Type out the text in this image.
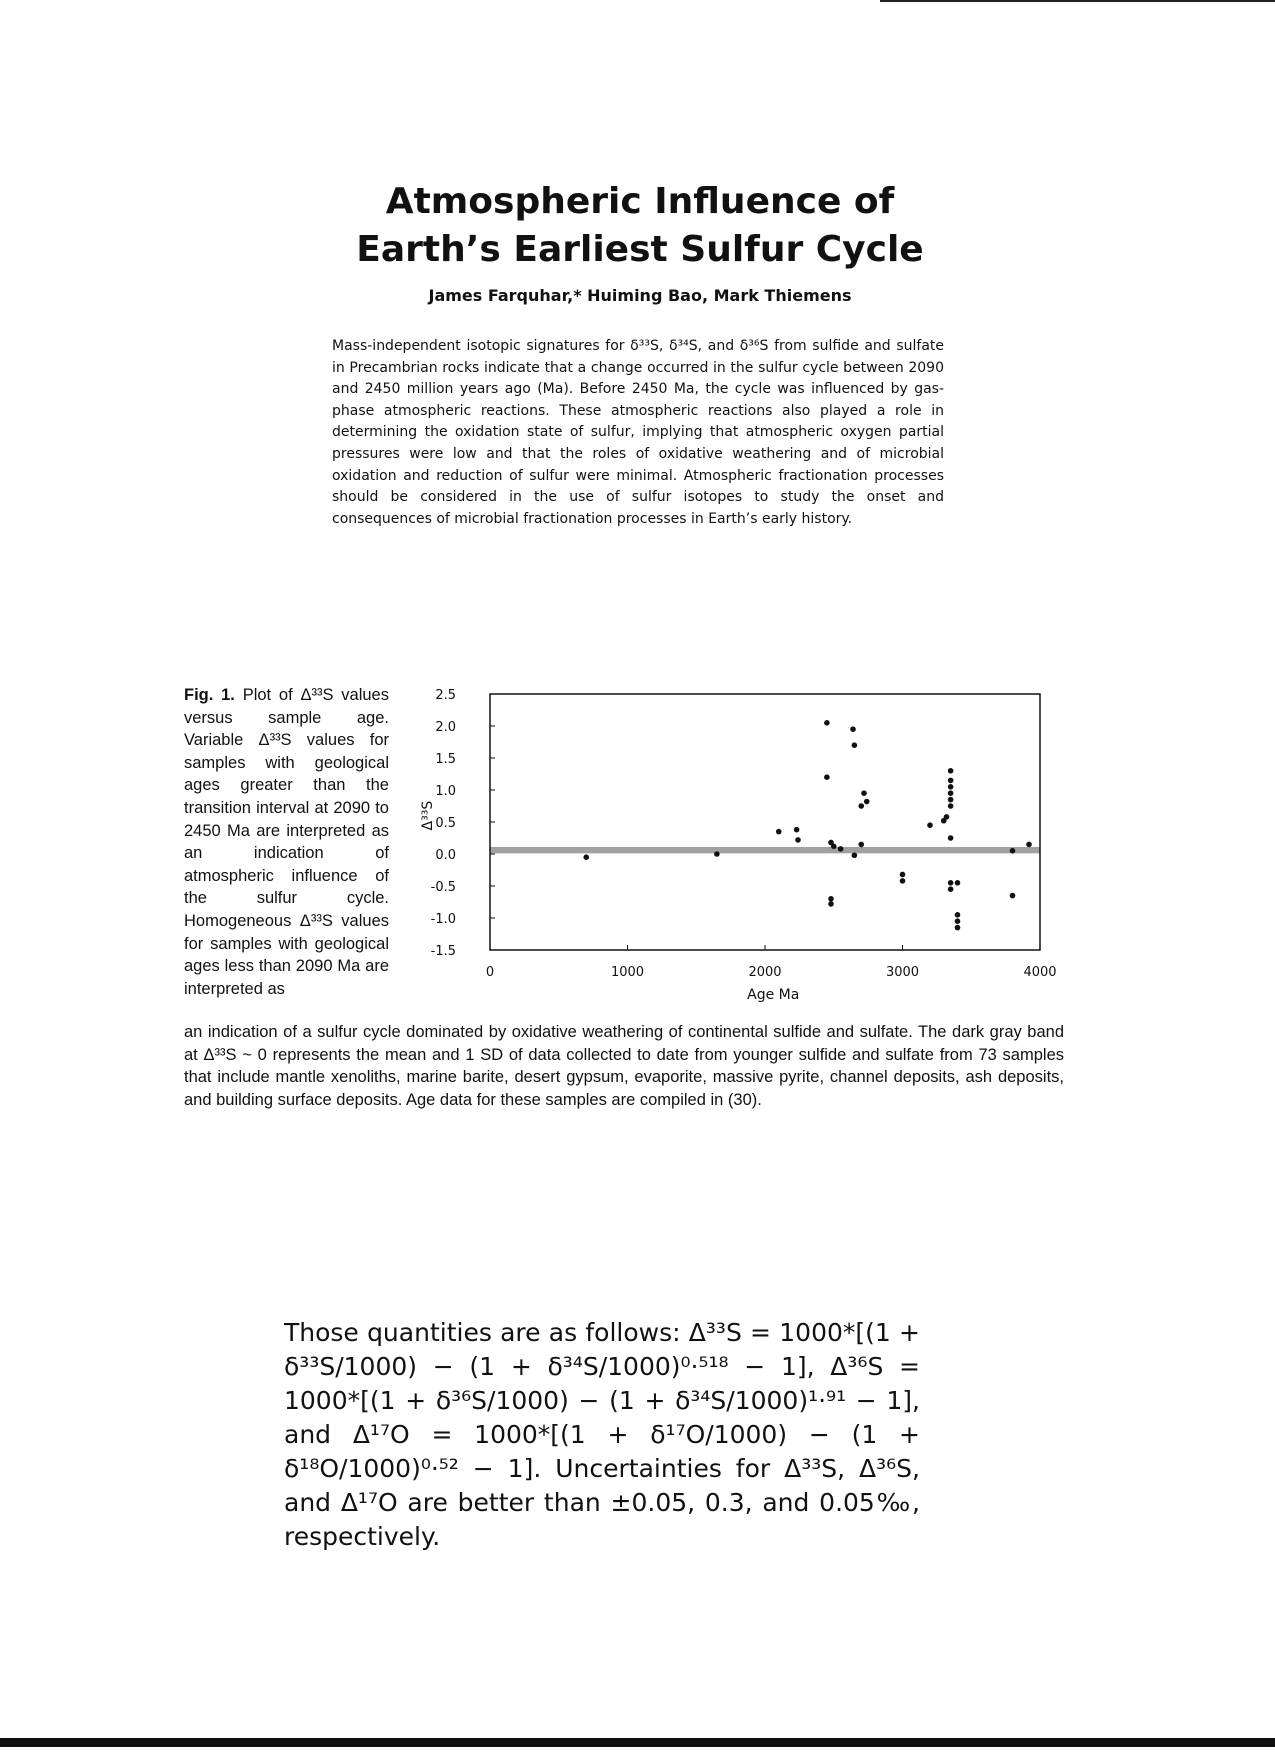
Atmospheric Influence of
Earth’s Earliest Sulfur Cycle
James Farquhar,* Huiming Bao, Mark Thiemens

Mass-independent isotopic signatures for δ³³S, δ³⁴S, and δ³⁶S from sulfide and sulfate in Precambrian rocks indicate that a change occurred in the sulfur cycle between 2090 and 2450 million years ago (Ma). Before 2450 Ma, the cycle was influenced by gas-phase atmospheric reactions. These atmospheric reactions also played a role in determining the oxidation state of sulfur, implying that atmospheric oxygen partial pressures were low and that the roles of oxidative weathering and of microbial oxidation and reduction of sulfur were minimal. Atmospheric fractionation processes should be considered in the use of sulfur isotopes to study the onset and consequences of microbial fractionation processes in Earth’s early history.

Fig. 1. Plot of Δ³³S values versus sample age. Variable Δ³³S values for samples with geological ages greater than the transition interval at 2090 to 2450 Ma are interpreted as an indication of atmospheric influence of the sulfur cycle. Homogeneous Δ³³S values for samples with geological ages less than 2090 Ma are interpreted as

2.5
2.0
1.5
1.0
0.5
0.0
-0.5
-1.0
-1.5
0	1000	2000	3000	4000
Age Ma
Δ³³S

an indication of a sulfur cycle dominated by oxidative weathering of continental sulfide and sulfate. The dark gray band at Δ³³S ~ 0 represents the mean and 1 SD of data collected to date from younger sulfide and sulfate from 73 samples that include mantle xenoliths, marine barite, desert gypsum, evaporite, massive pyrite, channel deposits, ash deposits, and building surface deposits. Age data for these samples are compiled in (30).

Those quantities are as follows: Δ³³S = 1000*[(1 + δ³³S/1000) − (1 + δ³⁴S/1000)⁰·⁵¹⁸ − 1], Δ³⁶S = 1000*[(1 + δ³⁶S/1000) − (1 + δ³⁴S/1000)¹·⁹¹ − 1], and Δ¹⁷O = 1000*[(1 + δ¹⁷O/1000) − (1 + δ¹⁸O/1000)⁰·⁵² − 1]. Uncertainties for Δ³³S, Δ³⁶S, and Δ¹⁷O are better than ±0.05, 0.3, and 0.05‰, respectively.
